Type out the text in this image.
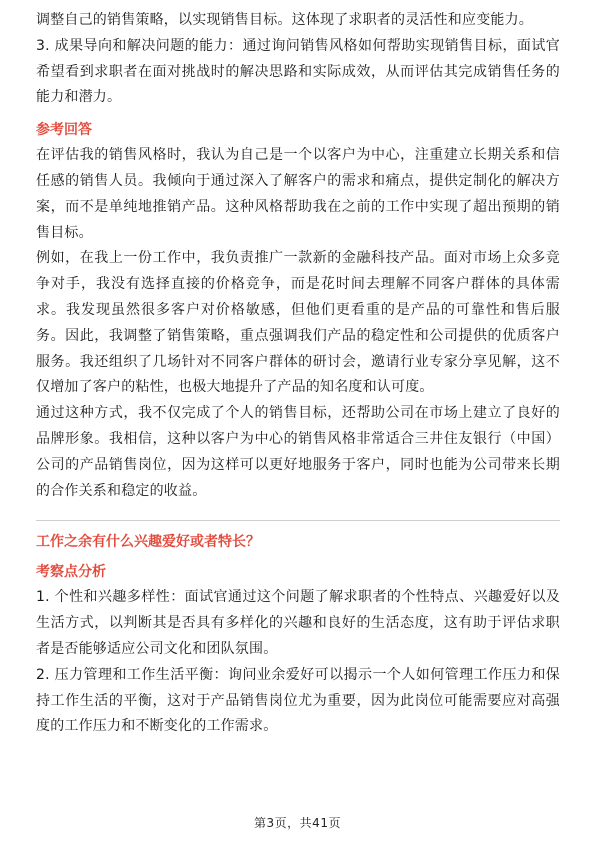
调整自己的销售策略，以实现销售目标。这体现了求职者的灵活性和应变能力。

3. 成果导向和解决问题的能力：通过询问销售风格如何帮助实现销售目标，面试官希望看到求职者在面对挑战时的解决思路和实际成效，从而评估其完成销售任务的能力和潜力。

参考回答

在评估我的销售风格时，我认为自己是一个以客户为中心，注重建立长期关系和信任感的销售人员。我倾向于通过深入了解客户的需求和痛点，提供定制化的解决方案，而不是单纯地推销产品。这种风格帮助我在之前的工作中实现了超出预期的销售目标。

例如，在我上一份工作中，我负责推广一款新的金融科技产品。面对市场上众多竞争对手，我没有选择直接的价格竞争，而是花时间去理解不同客户群体的具体需求。我发现虽然很多客户对价格敏感，但他们更看重的是产品的可靠性和售后服务。因此，我调整了销售策略，重点强调我们产品的稳定性和公司提供的优质客户服务。我还组织了几场针对不同客户群体的研讨会，邀请行业专家分享见解，这不仅增加了客户的粘性，也极大地提升了产品的知名度和认可度。

通过这种方式，我不仅完成了个人的销售目标，还帮助公司在市场上建立了良好的品牌形象。我相信，这种以客户为中心的销售风格非常适合三井住友银行（中国）公司的产品销售岗位，因为这样可以更好地服务于客户，同时也能为公司带来长期的合作关系和稳定的收益。

工作之余有什么兴趣爱好或者特长？

考察点分析

1. 个性和兴趣多样性：面试官通过这个问题了解求职者的个性特点、兴趣爱好以及生活方式，以判断其是否具有多样化的兴趣和良好的生活态度，这有助于评估求职者是否能够适应公司文化和团队氛围。

2. 压力管理和工作生活平衡：询问业余爱好可以揭示一个人如何管理工作压力和保持工作生活的平衡，这对于产品销售岗位尤为重要，因为此岗位可能需要应对高强度的工作压力和不断变化的工作需求。

第3页，共41页
